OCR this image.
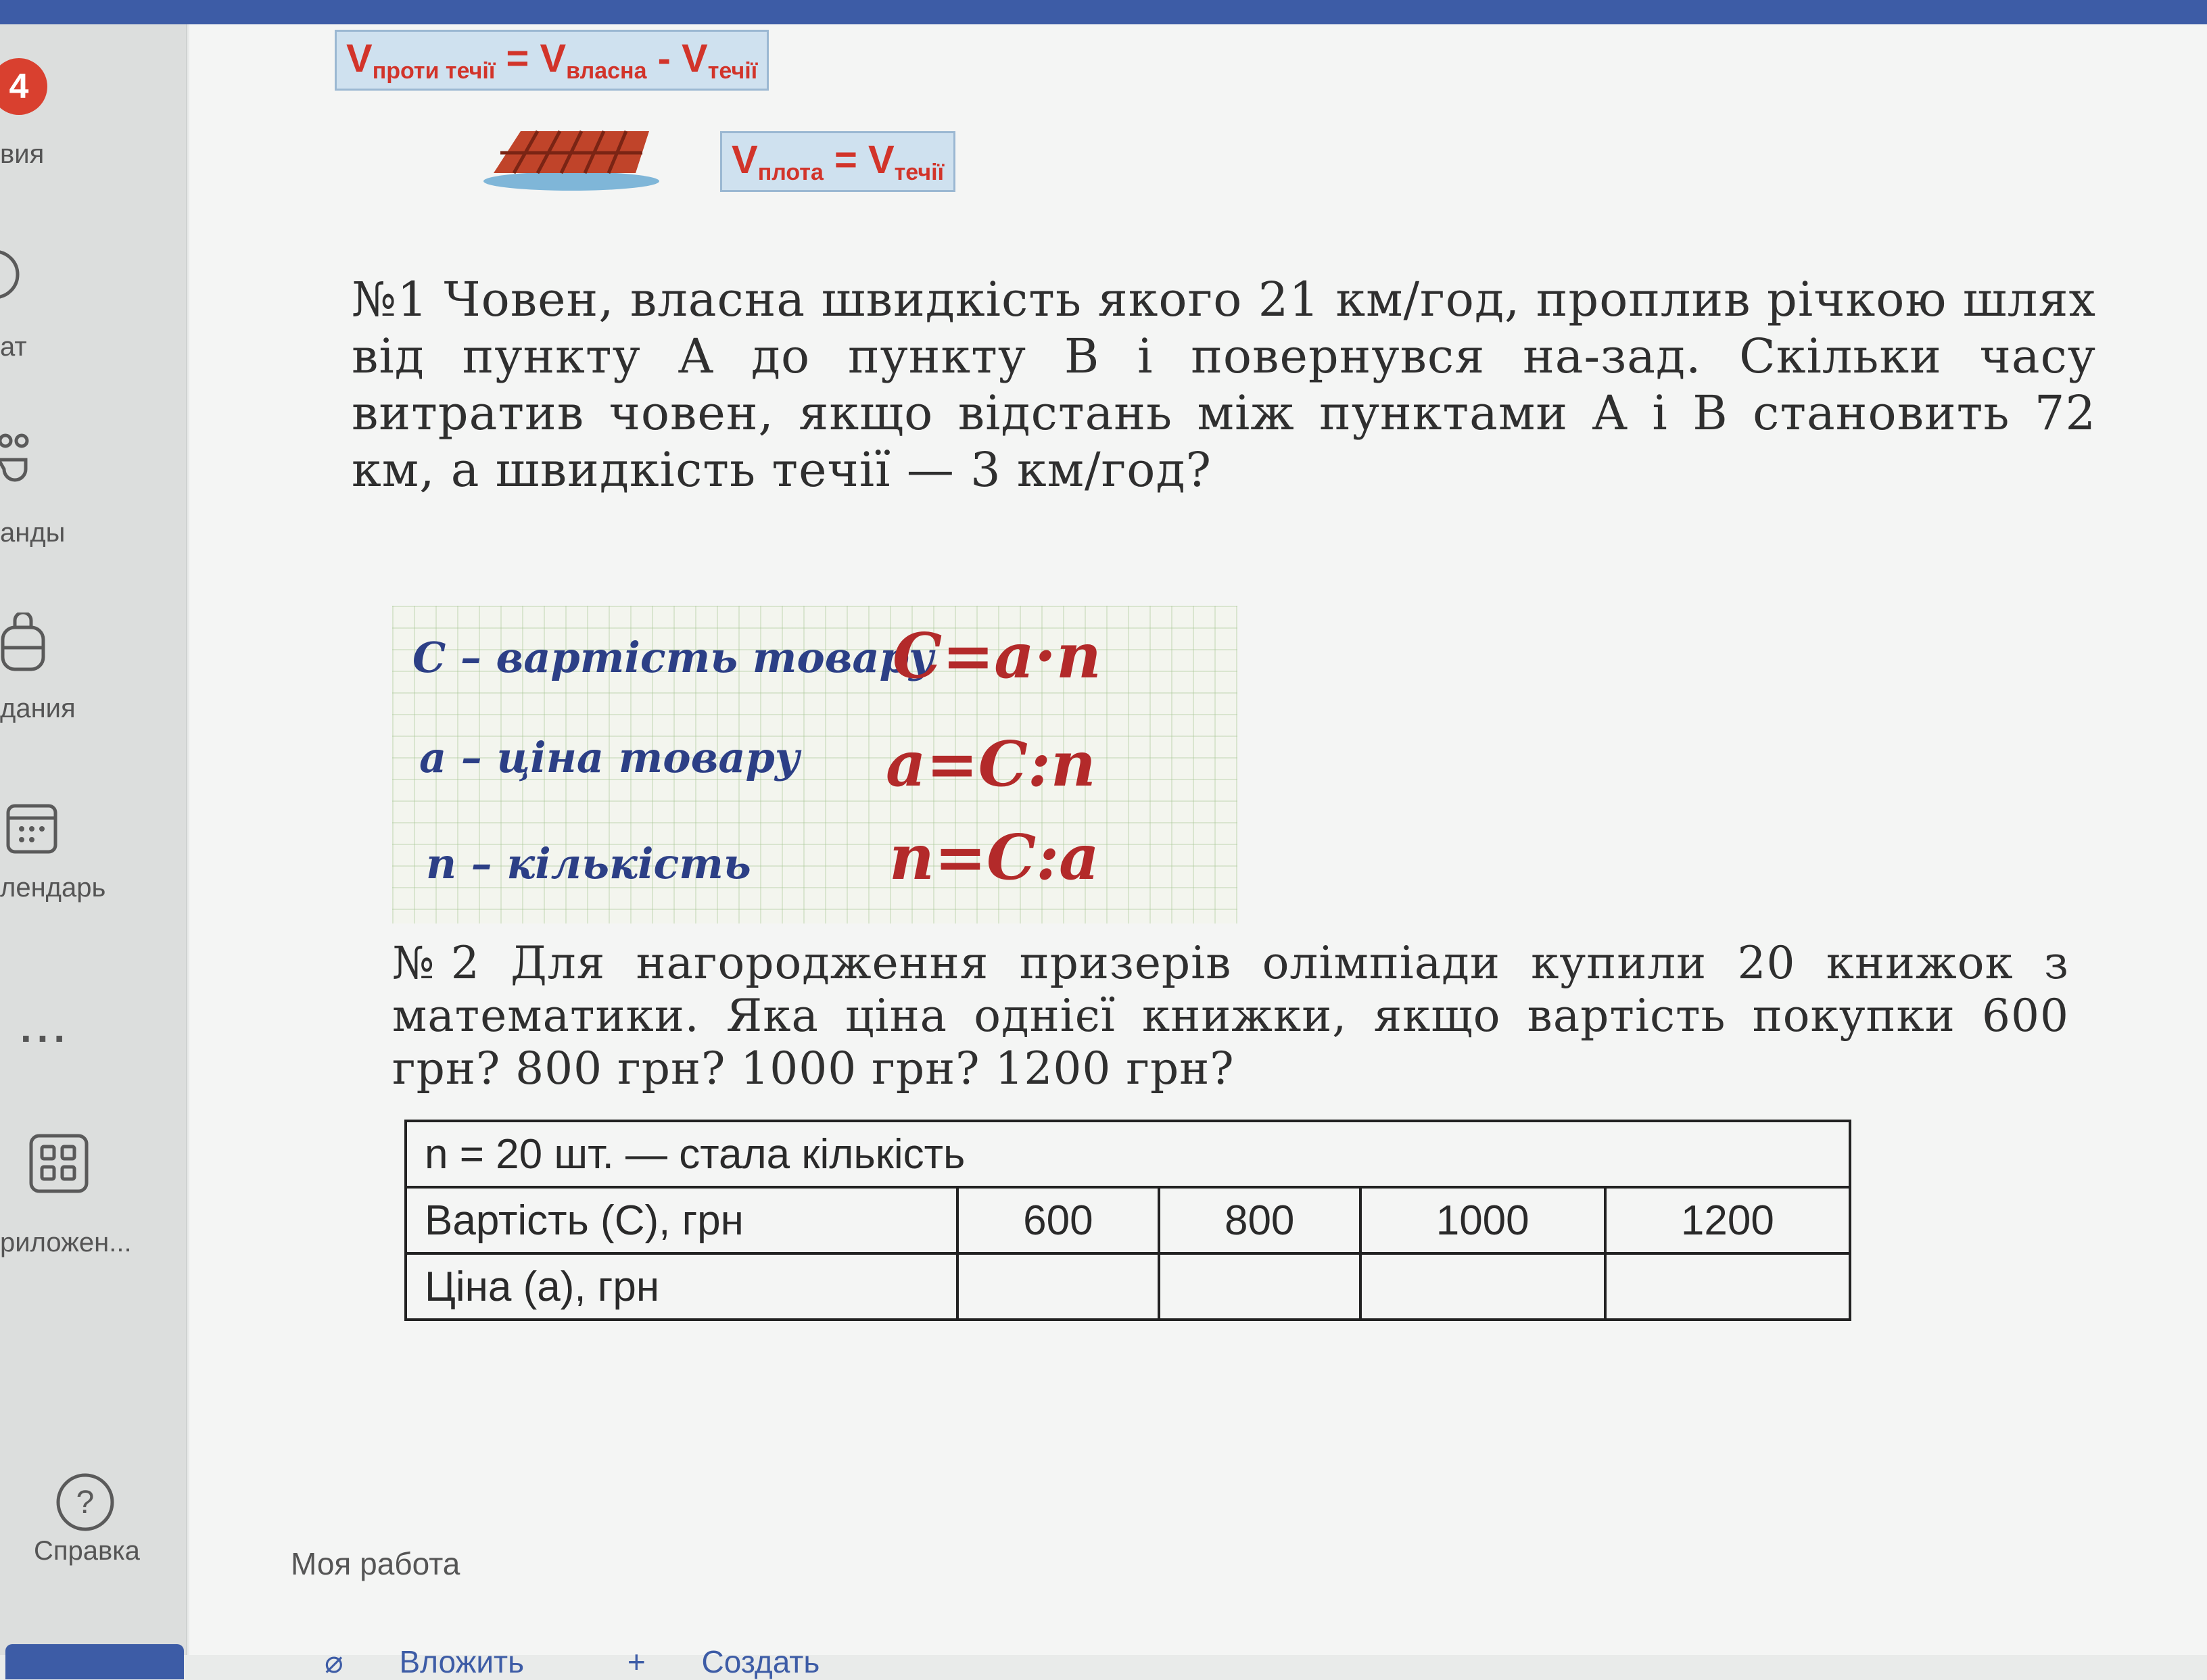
4
вия
ат
анды
дания
лендарь
...
риложен...
?
Справка
Vпроти течії = Vвласна - Vтечії
Vплота = Vтечії
№1 Човен, власна швидкість якого 21 км/год, проплив річкою шлях від пункту A до пункту B і повернувся на-зад. Скільки часу витратив човен, якщо відстань між пунктами A і B становить 72 км, а швидкість течії — 3 км/год?
C – вартість товару
C=a·n
a – ціна товару a=C:n
n – кількість n=C:a
№2 Для нагородження призерів олімпіади купили 20 книжок з математики. Яка ціна однієї книжки, якщо вартість покупки 600 грн? 800 грн? 1000 грн? 1200 грн?
n = 20 шт. — стала кількість				
Вартість (C), грн	600	800	1000	1200
Ціна (a), грн				
Моя работа
⌀ Вложить	+ Создать
